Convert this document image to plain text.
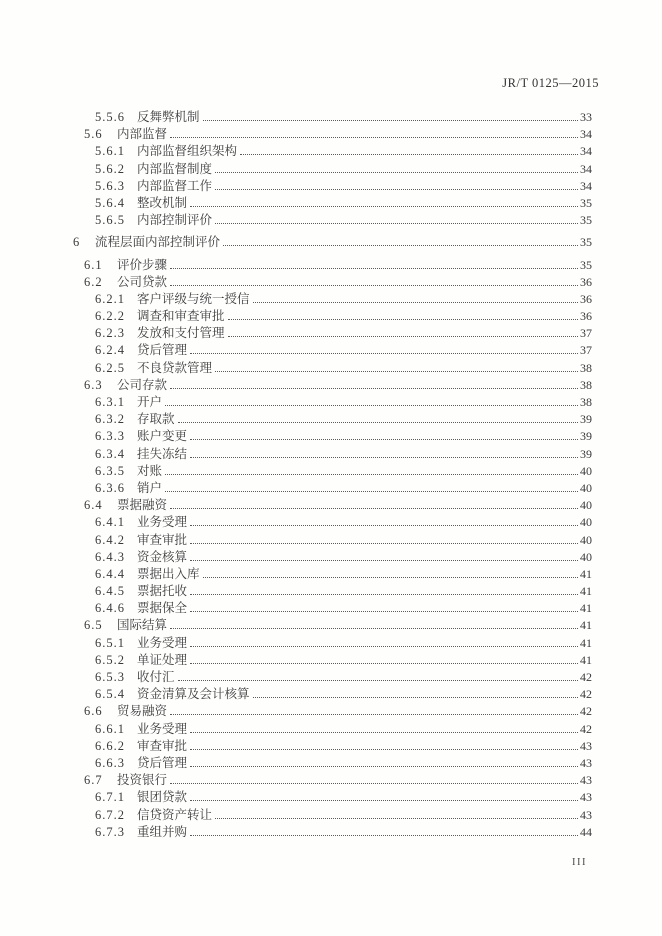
JR/T 0125—2015
5.5.6 反舞弊机制	33
5.6	内部监督	34
5.6.1 内部监督组织架构	34
5.6.2 内部监督制度	34
5.6.3 内部监督工作	34
5.6.4 整改机制	35
5.6.5 内部控制评价	35
6	流程层面内部控制评价	35
6.1	评价步骤	35
6.2	公司贷款	36
6.2.1 客户评级与统一授信	36
6.2.2 调查和审查审批	36
6.2.3 发放和支付管理	37
6.2.4 贷后管理	37
6.2.5 不良贷款管理	38
6.3	公司存款	38
6.3.1 开户	38
6.3.2 存取款	39
6.3.3 账户变更	39
6.3.4 挂失冻结	39
6.3.5 对账	40
6.3.6 销户	40
6.4	票据融资	40
6.4.1 业务受理	40
6.4.2 审查审批	40
6.4.3 资金核算	40
6.4.4 票据出入库	41
6.4.5 票据托收	41
6.4.6 票据保全	41
6.5	国际结算	41
6.5.1 业务受理	41
6.5.2 单证处理	41
6.5.3 收付汇	42
6.5.4 资金清算及会计核算	42
6.6	贸易融资	42
6.6.1 业务受理	42
6.6.2 审查审批	43
6.6.3 贷后管理	43
6.7	投资银行	43
6.7.1 银团贷款	43
6.7.2 信贷资产转让	43
6.7.3 重组并购	44
III
